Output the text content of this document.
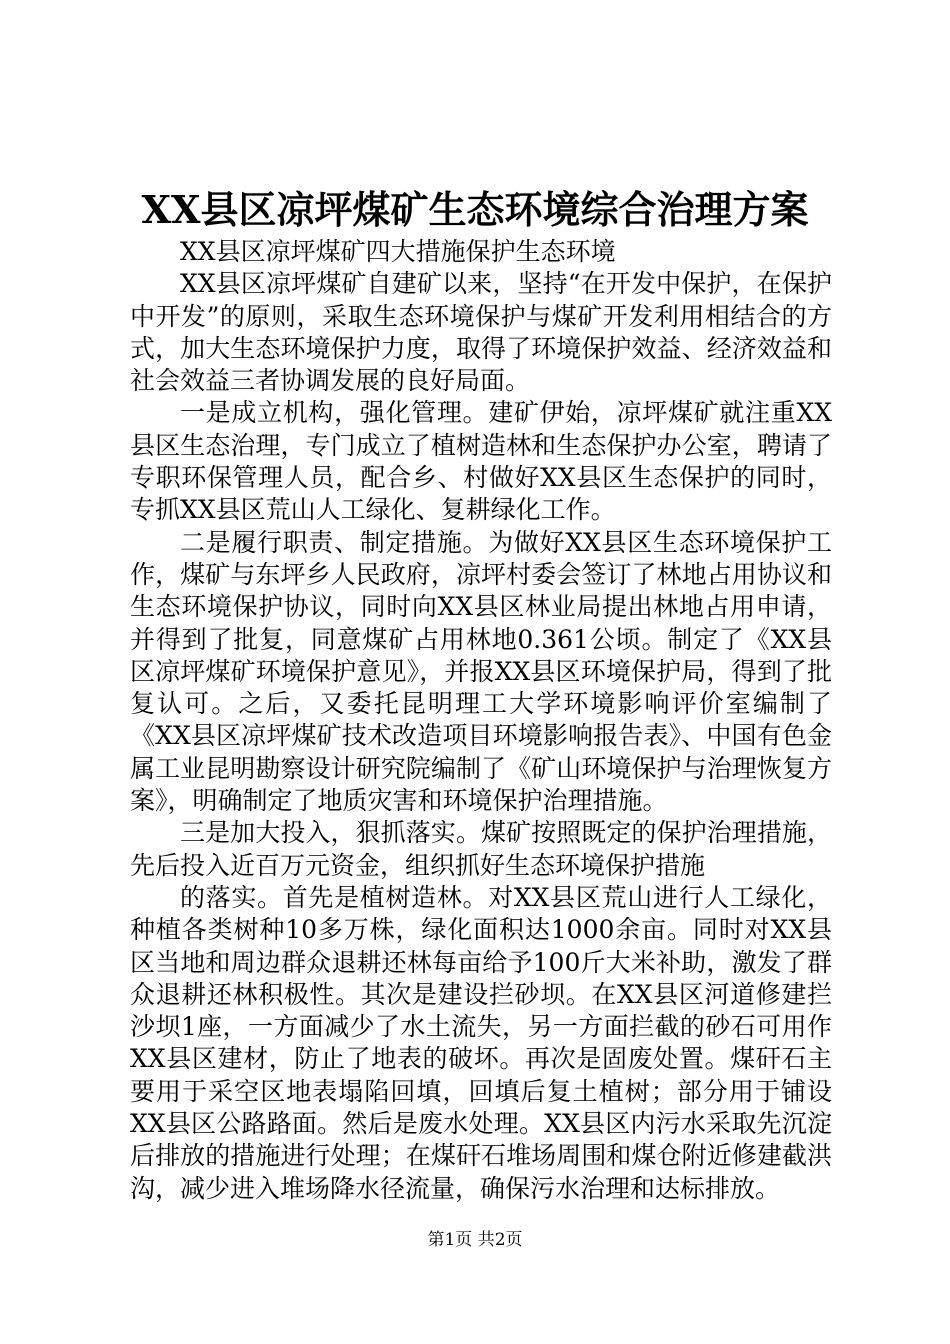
XX县区凉坪煤矿生态环境综合治理方案

XX县区凉坪煤矿四大措施保护生态环境

XX县区凉坪煤矿自建矿以来，坚持“在开发中保护，在保护中开发”的原则，采取生态环境保护与煤矿开发利用相结合的方式，加大生态环境保护力度，取得了环境保护效益、经济效益和社会效益三者协调发展的良好局面。

一是成立机构，强化管理。建矿伊始，凉坪煤矿就注重XX县区生态治理，专门成立了植树造林和生态保护办公室，聘请了专职环保管理人员，配合乡、村做好XX县区生态保护的同时，专抓XX县区荒山人工绿化、复耕绿化工作。

二是履行职责、制定措施。为做好XX县区生态环境保护工作，煤矿与东坪乡人民政府，凉坪村委会签订了林地占用协议和生态环境保护协议，同时向XX县区林业局提出林地占用申请，并得到了批复，同意煤矿占用林地0.361公顷。制定了《XX县区凉坪煤矿环境保护意见》，并报XX县区环境保护局，得到了批复认可。之后，又委托昆明理工大学环境影响评价室编制了《XX县区凉坪煤矿技术改造项目环境影响报告表》、中国有色金属工业昆明勘察设计研究院编制了《矿山环境保护与治理恢复方案》，明确制定了地质灾害和环境保护治理措施。

三是加大投入，狠抓落实。煤矿按照既定的保护治理措施，先后投入近百万元资金，组织抓好生态环境保护措施

的落实。首先是植树造林。对XX县区荒山进行人工绿化，种植各类树种10多万株，绿化面积达1000余亩。同时对XX县区当地和周边群众退耕还林每亩给予100斤大米补助，激发了群众退耕还林积极性。其次是建设拦砂坝。在XX县区河道修建拦沙坝1座，一方面减少了水土流失，另一方面拦截的砂石可用作XX县区建材，防止了地表的破坏。再次是固废处置。煤矸石主要用于采空区地表塌陷回填，回填后复土植树；部分用于铺设XX县区公路路面。然后是废水处理。XX县区内污水采取先沉淀后排放的措施进行处理；在煤矸石堆场周围和煤仓附近修建截洪沟，减少进入堆场降水径流量，确保污水治理和达标排放。

第1页 共2页
